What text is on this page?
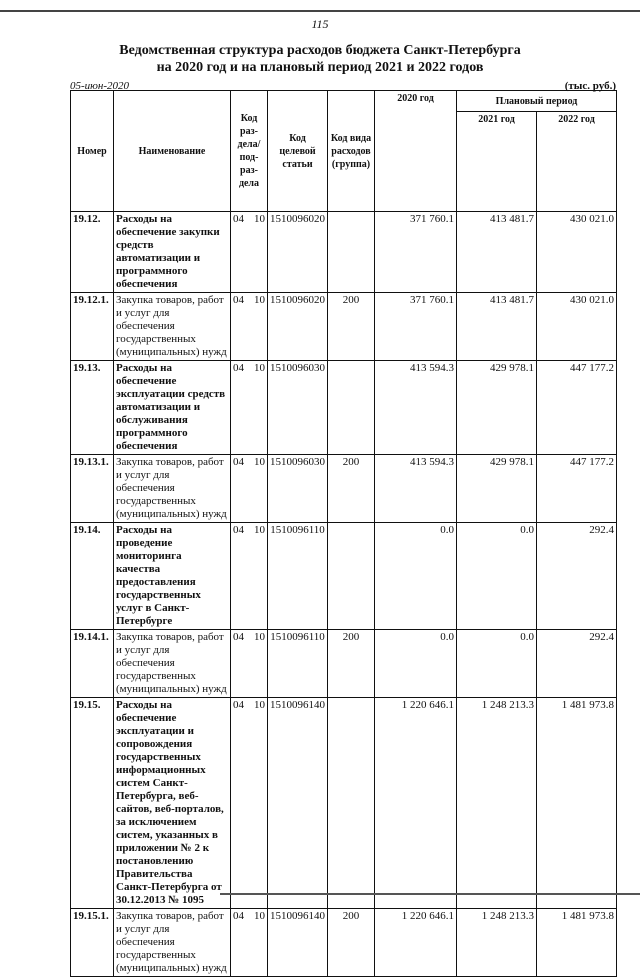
115
Ведомственная структура расходов бюджета Санкт-Петербурга
на 2020 год и на плановый период 2021 и 2022 годов
05-июн-2020	(тыс. руб.)
Номер	Наименование	Код раз- дела/ под- раз- дела	Код целевой статьи	Код вида расходов (группа)	2020 год	Плановый период	
						2021 год	2022 год
19.12.	Расходы на обеспечение закупки средств автоматизации и программного обеспечения	04 10	1510096020		371 760.1	413 481.7	430 021.0
19.12.1.	Закупка товаров, работ и услуг для обеспечения государственных (муниципальных) нужд	04 10	1510096020	200	371 760.1	413 481.7	430 021.0
19.13.	Расходы на обеспечение эксплуатации средств автоматизации и обслуживания программного обеспечения	04 10	1510096030		413 594.3	429 978.1	447 177.2
19.13.1.	Закупка товаров, работ и услуг для обеспечения государственных (муниципальных) нужд	04 10	1510096030	200	413 594.3	429 978.1	447 177.2
19.14.	Расходы на проведение мониторинга качества предоставления государственных услуг в Санкт-Петербурге	04 10	1510096110		0.0	0.0	292.4
19.14.1.	Закупка товаров, работ и услуг для обеспечения государственных (муниципальных) нужд	04 10	1510096110	200	0.0	0.0	292.4
19.15.	Расходы на обеспечение эксплуатации и сопровождения государственных информационных систем Санкт-Петербурга, веб-сайтов, веб-порталов, за исключением систем, указанных в приложении № 2 к постановлению Правительства Санкт-Петербурга от 30.12.2013 № 1095	04 10	1510096140		1 220 646.1	1 248 213.3	1 481 973.8
19.15.1.	Закупка товаров, работ и услуг для обеспечения государственных (муниципальных) нужд	04 10	1510096140	200	1 220 646.1	1 248 213.3	1 481 973.8
